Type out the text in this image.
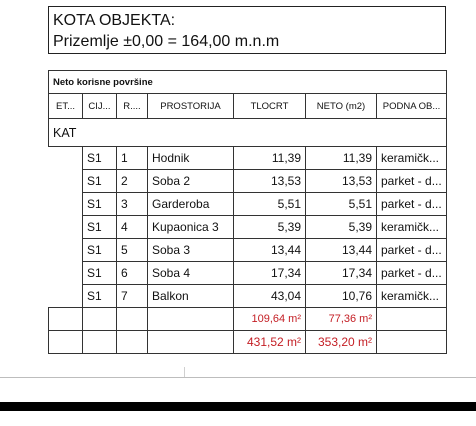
KOTA OBJEKTA:
Prizemlje ±0,00 = 164,00 m.n.m
Neto korisne površine						
ET...	CIJ...	R....	PROSTORIJA	TLOCRT	NETO (m2)	PODNA OB...
KAT						
	S1	1	Hodnik	11,39	11,39	keramičk...
	S1	2	Soba 2	13,53	13,53	parket - d...
	S1	3	Garderoba	5,51	5,51	parket - d...
	S1	4	Kupaonica 3	5,39	5,39	keramičk...
	S1	5	Soba 3	13,44	13,44	parket - d...
	S1	6	Soba 4	17,34	17,34	parket - d...
	S1	7	Balkon	43,04	10,76	keramičk...
				109,64 m²	77,36 m²	
				431,52 m²	353,20 m²	
